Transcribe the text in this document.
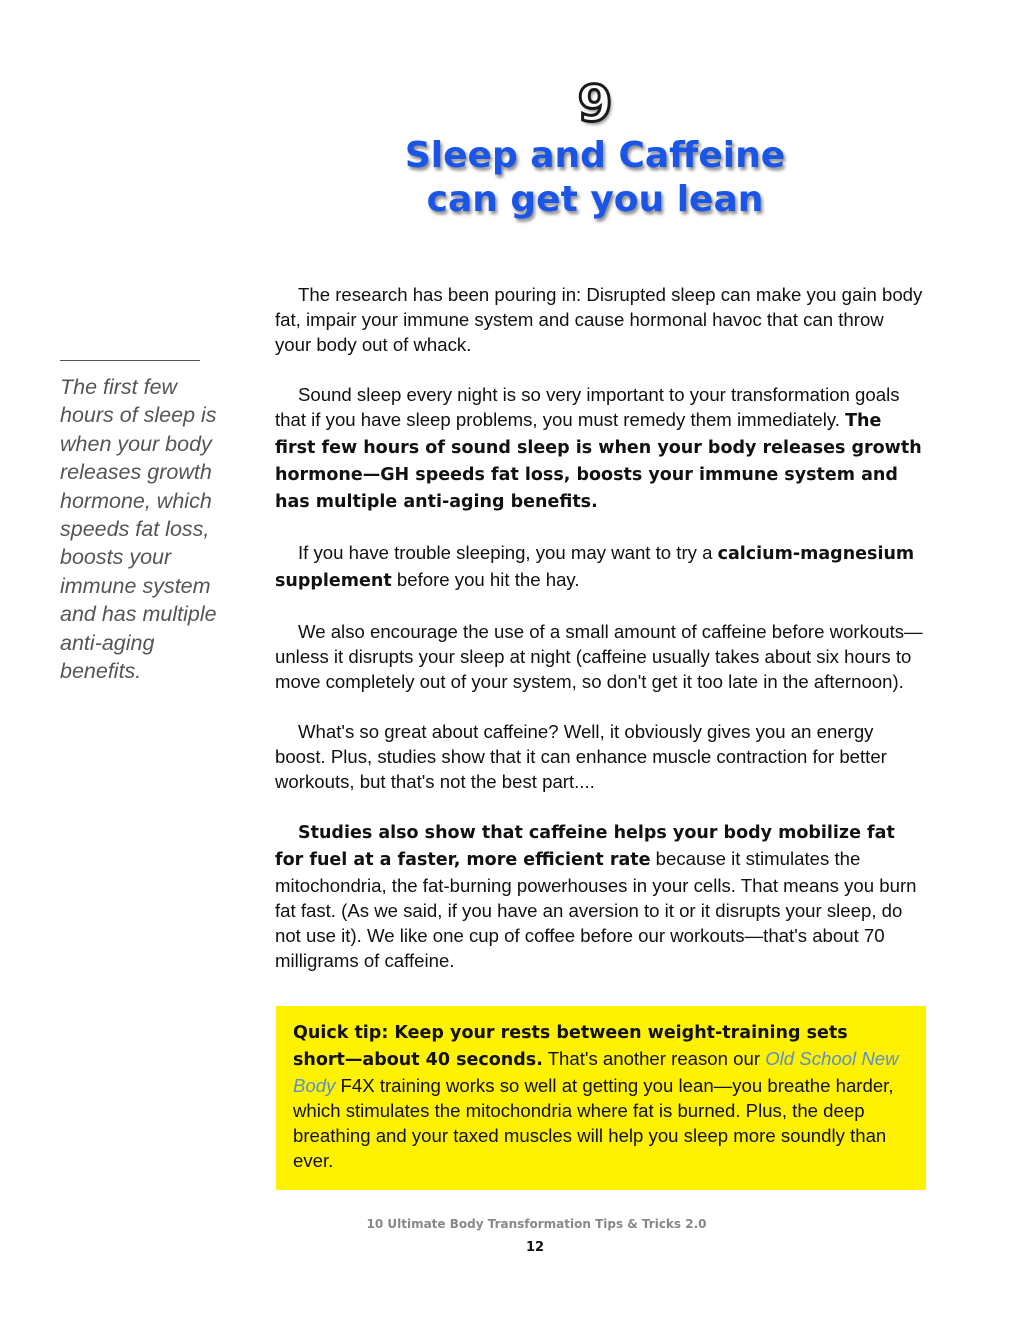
9
Sleep and Caffeine
can get you lean
The first few hours of sleep is when your body releases growth hormone, which speeds fat loss, boosts your immune system and has multiple anti-aging benefits.

The research has been pouring in: Disrupted sleep can make you gain body fat, impair your immune system and cause hormonal havoc that can throw your body out of whack.

Sound sleep every night is so very important to your transformation goals that if you have sleep problems, you must remedy them immediately. The first few hours of sound sleep is when your body releases growth hormone—GH speeds fat loss, boosts your immune system and has multiple anti-aging benefits.

If you have trouble sleeping, you may want to try a calcium-magnesium supplement before you hit the hay.

We also encourage the use of a small amount of caffeine before workouts—unless it disrupts your sleep at night (caffeine usually takes about six hours to move completely out of your system, so don't get it too late in the afternoon).

What's so great about caffeine? Well, it obviously gives you an energy boost. Plus, studies show that it can enhance muscle contraction for better workouts, but that's not the best part....

Studies also show that caffeine helps your body mobilize fat for fuel at a faster, more efficient rate because it stimulates the mitochondria, the fat-burning powerhouses in your cells. That means you burn fat fast. (As we said, if you have an aversion to it or it disrupts your sleep, do not use it). We like one cup of coffee before our workouts—that's about 70 milligrams of caffeine.

Quick tip: Keep your rests between weight-training sets short—about 40 seconds. That's another reason our Old School New Body F4X training works so well at getting you lean—you breathe harder, which stimulates the mitochondria where fat is burned. Plus, the deep breathing and your taxed muscles will help you sleep more soundly than ever.
10 Ultimate Body Transformation Tips & Tricks 2.0
12
